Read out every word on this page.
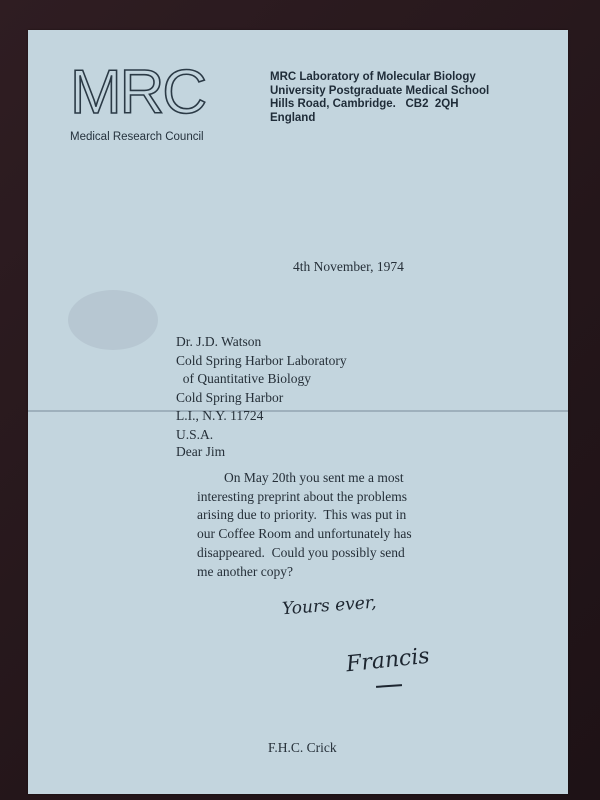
MRC
Medical Research Council
MRC Laboratory of Molecular Biology
University Postgraduate Medical School
Hills Road, Cambridge.   CB2  2QH
England
4th November, 1974
Dr. J.D. Watson
Cold Spring Harbor Laboratory
of Quantitative Biology
Cold Spring Harbor
L.I., N.Y. 11724
U.S.A.
Dear Jim
On May 20th you sent me a most
interesting preprint about the problems
arising due to priority.  This was put in
our Coffee Room and unfortunately has
disappeared.  Could you possibly send
me another copy?
Yours ever,
Francis
F.H.C. Crick
